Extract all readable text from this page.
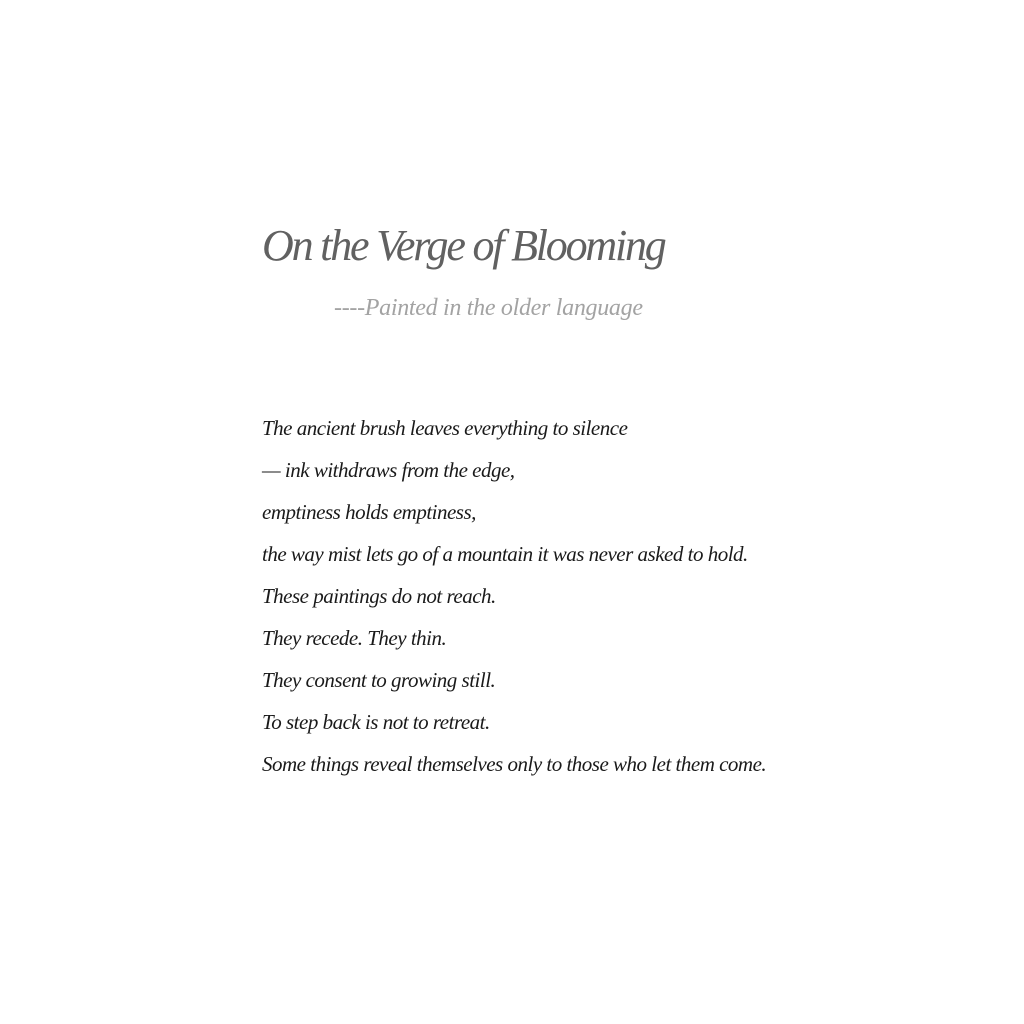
On the Verge of Blooming

----Painted in the older language

The ancient brush leaves everything to silence
— ink withdraws from the edge,
emptiness holds emptiness,
the way mist lets go of a mountain it was never asked to hold.
These paintings do not reach.
They recede. They thin.
They consent to growing still.
To step back is not to retreat.
Some things reveal themselves only to those who let them come.
